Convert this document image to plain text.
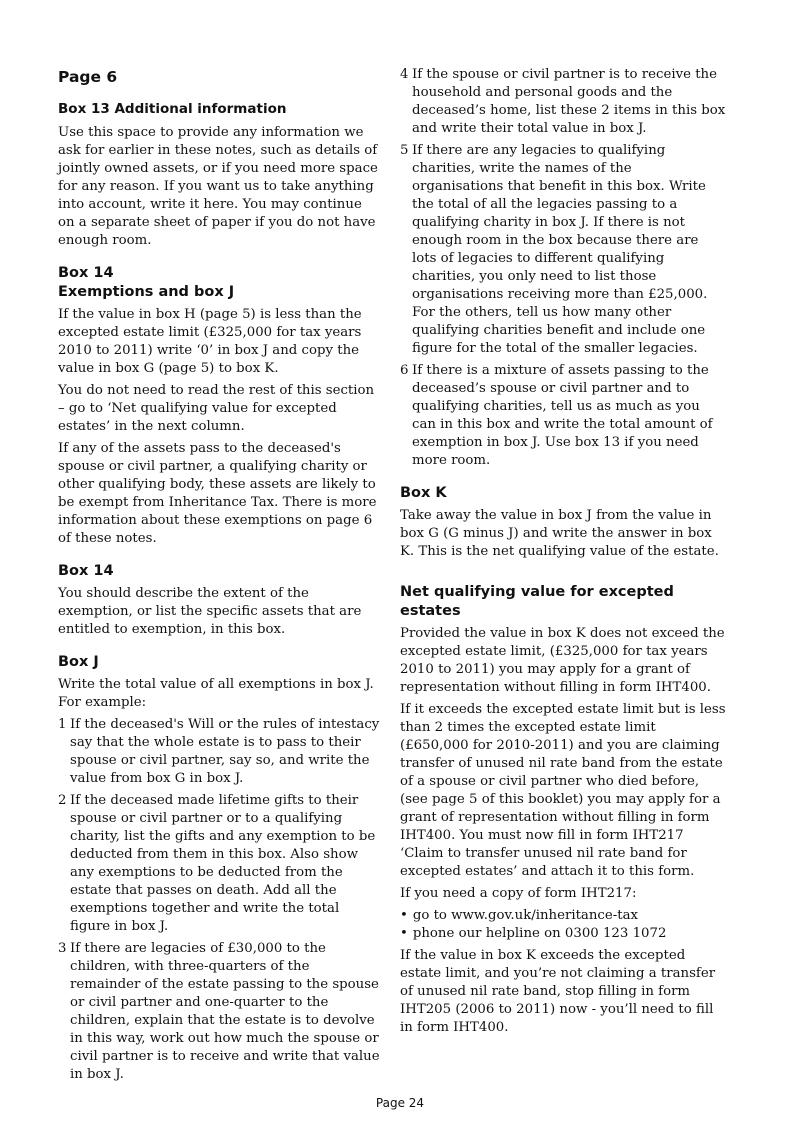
Page 6
Box 13 Additional information

Use this space to provide any information we ask for earlier in these notes, such as details of jointly owned assets, or if you need more space for any reason. If you want us to take anything into account, write it here. You may continue on a separate sheet of paper if you do not have enough room.

Box 14
Exemptions and box J

If the value in box H (page 5) is less than the excepted estate limit (£325,000 for tax years 2010 to 2011) write ‘0’ in box J and copy the value in box G (page 5) to box K.

You do not need to read the rest of this section – go to ‘Net qualifying value for excepted estates’ in the next column.

If any of the assets pass to the deceased's spouse or civil partner, a qualifying charity or other qualifying body, these assets are likely to be exempt from Inheritance Tax. There is more information about these exemptions on page 6 of these notes.

Box 14

You should describe the extent of the exemption, or list the specific assets that are entitled to exemption, in this box.

Box J

Write the total value of all exemptions in box J. For example:

1 If the deceased's Will or the rules of intestacy say that the whole estate is to pass to their spouse or civil partner, say so, and write the value from box G in box J.
2 If the deceased made lifetime gifts to their spouse or civil partner or to a qualifying charity, list the gifts and any exemption to be deducted from them in this box. Also show any exemptions to be deducted from the estate that passes on death. Add all the exemptions together and write the total figure in box J.
3 If there are legacies of £30,000 to the children, with three-quarters of the remainder of the estate passing to the spouse or civil partner and one-quarter to the children, explain that the estate is to devolve in this way, work out how much the spouse or civil partner is to receive and write that value in box J.
4 If the spouse or civil partner is to receive the household and personal goods and the deceased’s home, list these 2 items in this box and write their total value in box J.
5 If there are any legacies to qualifying charities, write the names of the organisations that benefit in this box. Write the total of all the legacies passing to a qualifying charity in box J. If there is not enough room in the box because there are lots of legacies to different qualifying charities, you only need to list those organisations receiving more than £25,000. For the others, tell us how many other qualifying charities benefit and include one figure for the total of the smaller legacies.
6 If there is a mixture of assets passing to the deceased’s spouse or civil partner and to qualifying charities, tell us as much as you can in this box and write the total amount of exemption in box J. Use box 13 if you need more room.
Box K

Take away the value in box J from the value in box G (G minus J) and write the answer in box K. This is the net qualifying value of the estate.

Net qualifying value for excepted estates

Provided the value in box K does not exceed the excepted estate limit, (£325,000 for tax years 2010 to 2011) you may apply for a grant of representation without filling in form IHT400.

If it exceeds the excepted estate limit but is less than 2 times the excepted estate limit (£650,000 for 2010-2011) and you are claiming transfer of unused nil rate band from the estate of a spouse or civil partner who died before, (see page 5 of this booklet) you may apply for a grant of representation without filling in form IHT400. You must now fill in form IHT217 ‘Claim to transfer unused nil rate band for excepted estates’ and attach it to this form.

If you need a copy of form IHT217:

• go to www.gov.uk/inheritance-tax
• phone our helpline on 0300 123 1072

If the value in box K exceeds the excepted estate limit, and you’re not claiming a transfer of unused nil rate band, stop filling in form IHT205 (2006 to 2011) now - you’ll need to fill in form IHT400.

Page 24
